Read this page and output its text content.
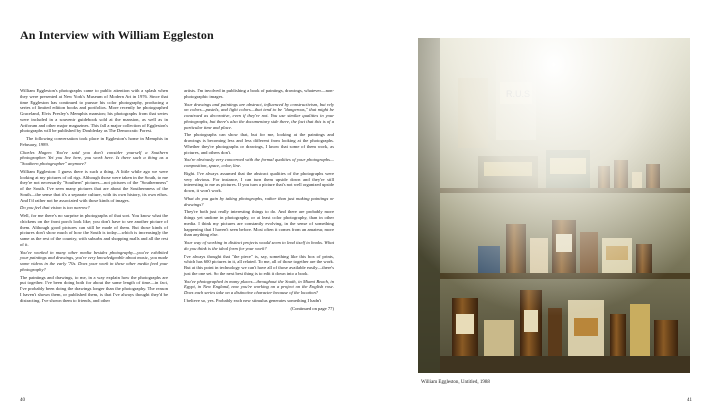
An Interview with William Eggleston

William Eggleston's photographs came to public attention with a splash when they were presented at New York's Museum of Modern Art in 1976. Since that time Eggleston has continued to pursue his color photography, producing a series of limited edition books and portfolios. More recently he photographed Graceland, Elvis Presley's Memphis mansion; his photographs from that series were included in a souvenir guidebook sold at the mansion, as well as in Artforum and other major magazines. This fall a major collection of Eggleston's photographs will be published by Doubleday as The Democratic Forest.

The following conversation took place in Eggleston's home in Memphis in February, 1989.

Charles Hagen: You've said you don't consider yourself a Southern photographer. Yet you live here, you work here. Is there such a thing as a "Southern photographer" anymore?

William Eggleston: I guess there is such a thing. A little while ago we were looking at my pictures of oil rigs. Although those were taken in the South, to me they're not necessarily "Southern" pictures—not pictures of the "Southernness" of the South. I've seen many pictures that are about the Southernness of the South—the sense that it's a separate culture, with its own history, its own ethos. And I'd rather not be associated with those kinds of images.

Do you feel that vision is too narrow?

Well, for me there's no surprise in photographs of that sort. You know what the chickens on the front porch look like; you don't have to see another picture of them. Although good pictures can still be made of them. But those kinds of pictures don't show much of how the South is today—which is increasingly the same as the rest of the country, with suburbs and shopping malls and all the rest of it.

You've worked in many other media besides photography—you've exhibited your paintings and drawings, you're very knowledgeable about music, you made some videos in the early '70s. Does your work in these other media feed your photography?

The paintings and drawings, to me, in a way explain how the photographs are put together. I've been doing both for about the same length of time—in fact, I've probably been doing the drawings longer than the photography. The reason I haven't shown them, or published them, is that I've always thought they'd be distracting. I've shown them to friends, and other

artists. I'm involved in publishing a book of paintings, drawings, whatever—non-photographic images.

Your drawings and paintings are abstract, influenced by constructivism, but rely on colors—pastels, and light colors—that tend to be "dangerous," that might be construed as decorative, even if they're not. You use similar qualities in your photographs, but there's also the documentary side there, the fact that this is of a particular time and place.

The photographs can show that, but for me, looking at the paintings and drawings is becoming less and less different from looking at the photographs. Whether they're photographs or drawings, I know that some of them work, as pictures, and others don't.

You're obviously very concerned with the formal qualities of your photographs—composition, space, color, line.

Right. I've always assumed that the abstract qualities of the photographs were very obvious. For instance, I can turn them upside down and they're still interesting to me as pictures. If you turn a picture that's not well organized upside down, it won't work.

What do you gain by taking photographs, rather than just making paintings or drawings?

They're both just really interesting things to do. And there are probably more things yet undone in photography, or at least color photography, than in other media. I think my pictures are constantly evolving, in the sense of something happening that I haven't seen before. Most often it comes from an amateur, more than anything else.

Your way of working in distinct projects would seem to lend itself to books. What do you think is the ideal form for your work?

I've always thought that "the piece" is, say, something like this box of prints, which has 600 pictures in it, all related. To me, all of those together are the work. But at this point in technology we can't have all of those available easily—there's just the one set. So the next best thing is to edit it down into a book.

You've photographed in many places—throughout the South, in Miami Beach, in Egypt, in New England, now you're working on a project on the English rose. Does each series take on a distinctive character because of the location?

I believe so, yes. Probably each new stimulus generates something I hadn't

(Continued on page 77)
William Eggleston, Untitled, 1988
40	41
